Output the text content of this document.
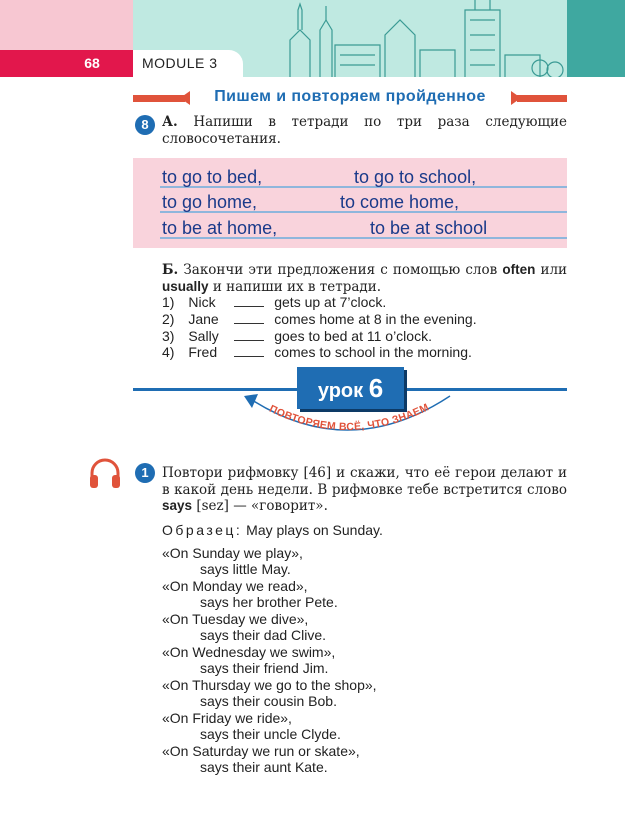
68	MODULE 3
Пишем и повторяем пройденное
8 А. Напиши в тетради по три раза следующие словосочетания.
to go to bed,	to go to school,
to go home,	to come home,
to be at home,	to be at school
Б. Закончи эти предложения с помощью слов often или usually и напиши их в тетради.
1) Nick	gets up at 7’clock.
2) Jane	comes home at 8 in the evening.
3) Sally	goes to bed at 11 o’clock.
4) Fred	comes to school in the morning.
ПОВТОРЯЕМ ВСЁ, ЧТО ЗНАЕМ
урок 6
1 Повтори рифмовку [46] и скажи, что её герои делают и в какой день недели. В рифмовке тебе встретится слово says [sez] — «говорит».
Образец: May plays on Sunday.
«On Sunday we play»,
says little May.
«On Monday we read»,
says her brother Pete.
«On Tuesday we dive»,
says their dad Clive.
«On Wednesday we swim»,
says their friend Jim.
«On Thursday we go to the shop»,
says their cousin Bob.
«On Friday we ride»,
says their uncle Clyde.
«On Saturday we run or skate»,
says their aunt Kate.
